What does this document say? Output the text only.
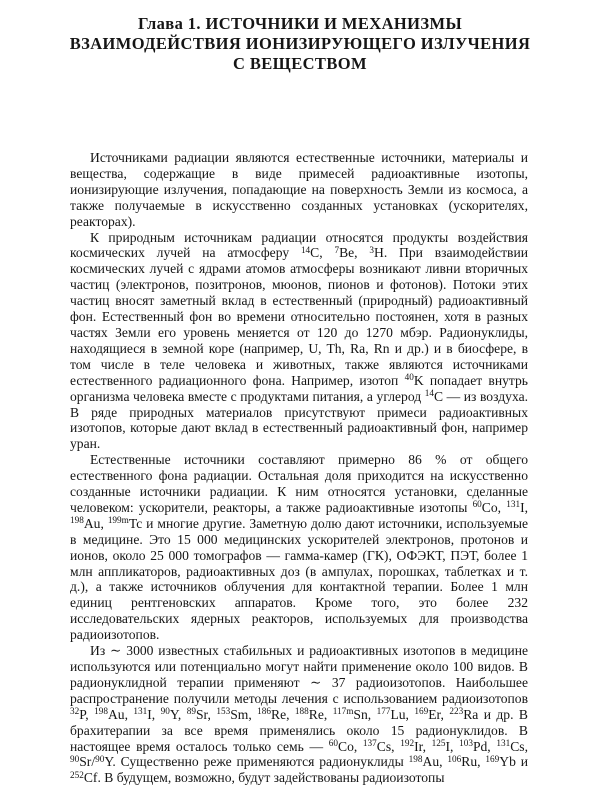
Глава 1. ИСТОЧНИКИ И МЕХАНИЗМЫ
ВЗАИМОДЕЙСТВИЯ ИОНИЗИРУЮЩЕГО ИЗЛУЧЕНИЯ
С ВЕЩЕСТВОМ

Источниками радиации являются естественные источники, материалы и вещества, содержащие в виде примесей радиоактивные изотопы, ионизирующие излучения, попадающие на поверхность Земли из космоса, а также получаемые в искусственно созданных установках (ускорителях, реакторах).

К природным источникам радиации относятся продукты воздействия космических лучей на атмосферу $^{14}$C, $^7$Be, $^3$H. При взаимодействии космических лучей с ядрами атомов атмосферы возникают ливни вторичных частиц (электронов, позитронов, мюонов, пионов и фотонов). Потоки этих частиц вносят заметный вклад в естественный (природный) радиоактивный фон. Естественный фон во времени относительно постоянен, хотя в разных частях Земли его уровень меняется от 120 до 1270 мбэр. Радионуклиды, находящиеся в земной коре (например, U, Th, Ra, Rn и др.) и в биосфере, в том числе в теле человека и животных, также являются источниками естественного радиационного фона. Например, изотоп $^{40}$K попадает внутрь организма человека вместе с продуктами питания, а углерод $^{14}$C — из воздуха. В ряде природных материалов присутствуют примеси радиоактивных изотопов, которые дают вклад в естественный радиоактивный фон, например уран.

Естественные источники составляют примерно 86 % от общего естественного фона радиации. Остальная доля приходится на искусственно созданные источники радиации. К ним относятся установки, сделанные человеком: ускорители, реакторы, а также радиоактивные изотопы $^{60}$Co, $^{131}$I, $^{198}$Au, $^{199m}$Tc и многие другие. Заметную долю дают источники, используемые в медицине. Это 15 000 медицинских ускорителей электронов, протонов и ионов, около 25 000 томографов — гамма-камер (ГК), ОФЭКТ, ПЭТ, более 1 млн аппликаторов, радиоактивных доз (в ампулах, порошках, таблетках и т. д.), а также источников облучения для контактной терапии. Более 1 млн единиц рентгеновских аппаратов. Кроме того, это более 232 исследовательских ядерных реакторов, используемых для производства радиоизотопов.

Из ∼ 3000 известных стабильных и радиоактивных изотопов в медицине используются или потенциально могут найти применение около 100 видов. В радионуклидной терапии применяют ∼ 37 радиоизотопов. Наибольшее распространение получили методы лечения с использованием радиоизотопов $^{32}$P, $^{198}$Au, $^{131}$I, $^{90}$Y, $^{89}$Sr, $^{153}$Sm, $^{186}$Re, $^{188}$Re, $^{117m}$Sn, $^{177}$Lu, $^{169}$Er, $^{223}$Ra и др. В брахитерапии за все время применялись около 15 радионуклидов. В настоящее время осталось только семь — $^{60}$Co, $^{137}$Cs, $^{192}$Ir, $^{125}$I, $^{103}$Pd, $^{131}$Cs, $^{90}$Sr/$^{90}$Y. Существенно реже применяются радионуклиды $^{198}$Au, $^{106}$Ru, $^{169}$Yb и $^{252}$Cf. В будущем, возможно, будут задействованы радиоизотопы
